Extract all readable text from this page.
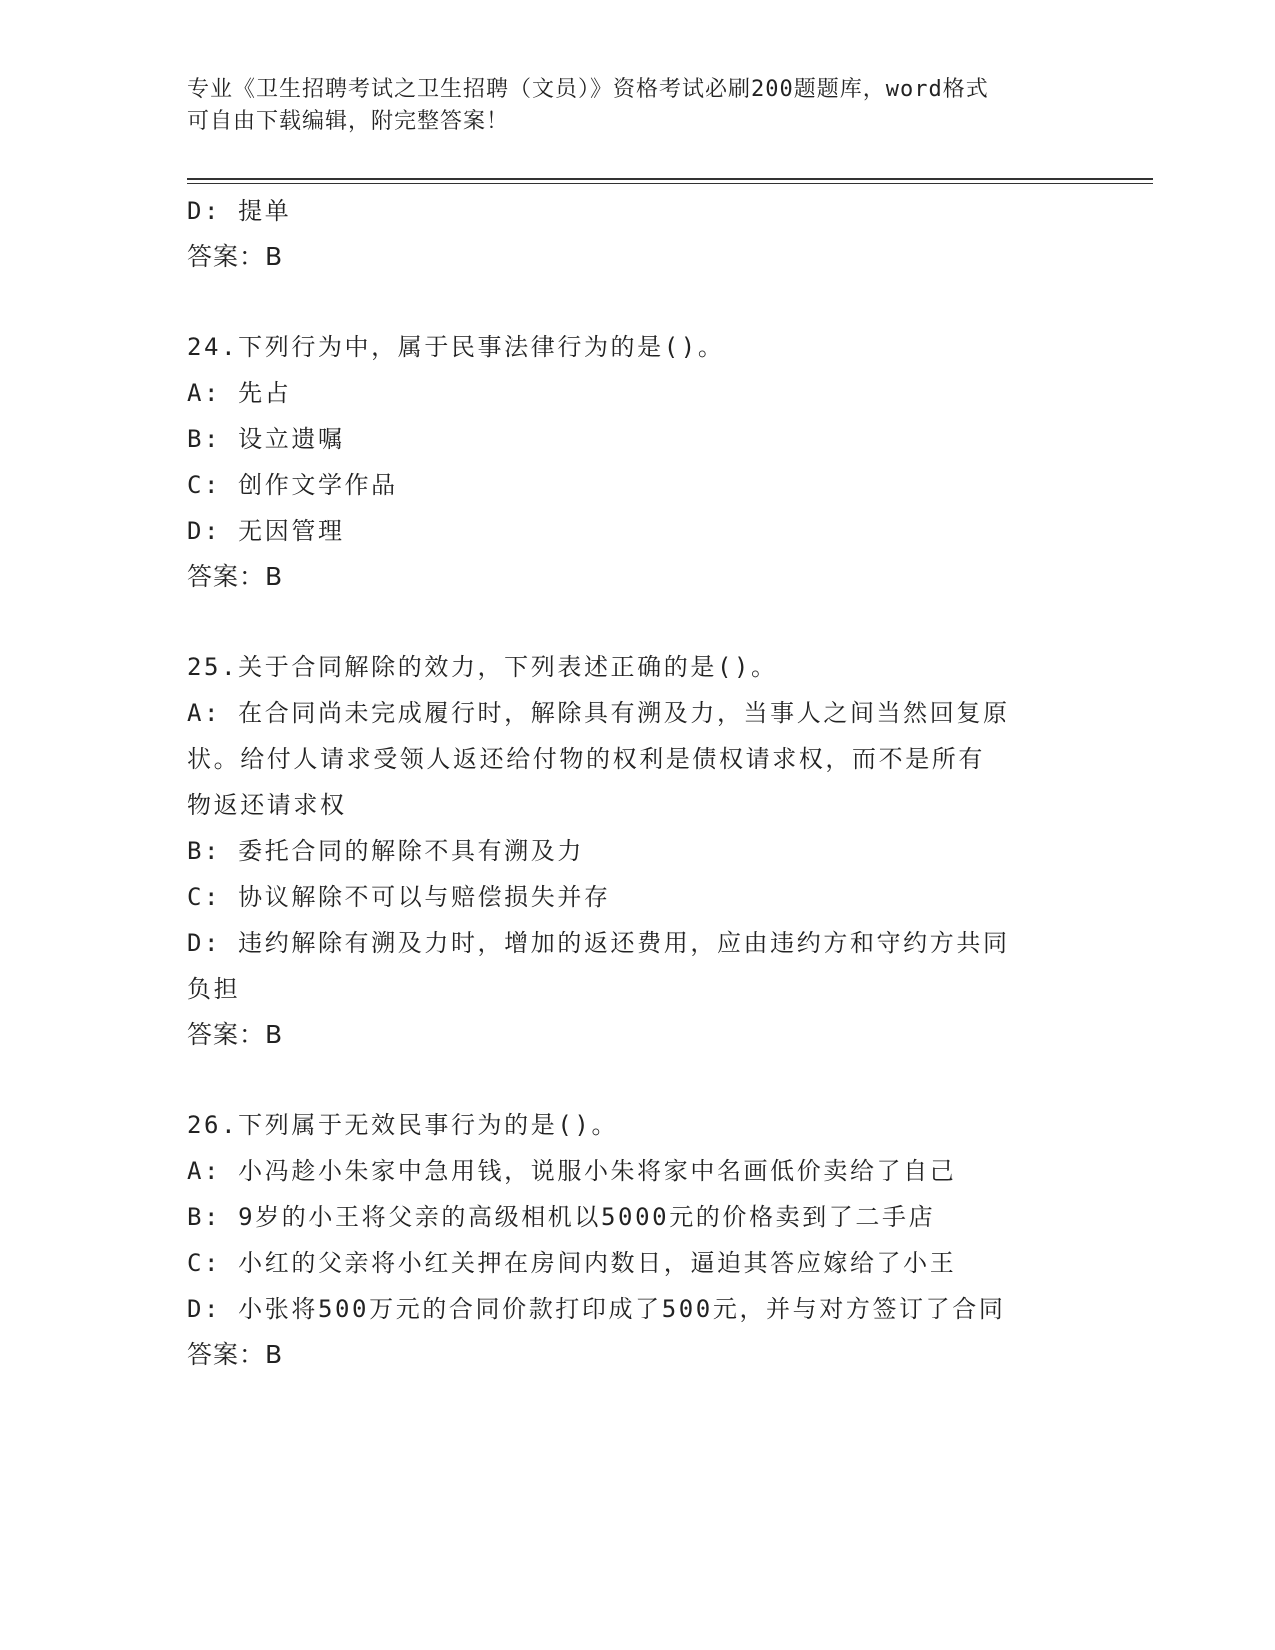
专业《卫生招聘考试之卫生招聘（文员）》资格考试必刷200题题库，word格式
可自由下载编辑，附完整答案！
D: 提单
答案：B
24.下列行为中，属于民事法律行为的是()。
A: 先占
B: 设立遗嘱
C: 创作文学作品
D: 无因管理
答案：B
25.关于合同解除的效力，下列表述正确的是()。
A: 在合同尚未完成履行时，解除具有溯及力，当事人之间当然回复原
状。给付人请求受领人返还给付物的权利是债权请求权，而不是所有
物返还请求权
B: 委托合同的解除不具有溯及力
C: 协议解除不可以与赔偿损失并存
D: 违约解除有溯及力时，增加的返还费用，应由违约方和守约方共同
负担
答案：B
26.下列属于无效民事行为的是()。
A: 小冯趁小朱家中急用钱，说服小朱将家中名画低价卖给了自己
B: 9岁的小王将父亲的高级相机以5000元的价格卖到了二手店
C: 小红的父亲将小红关押在房间内数日，逼迫其答应嫁给了小王
D: 小张将500万元的合同价款打印成了500元，并与对方签订了合同
答案：B
